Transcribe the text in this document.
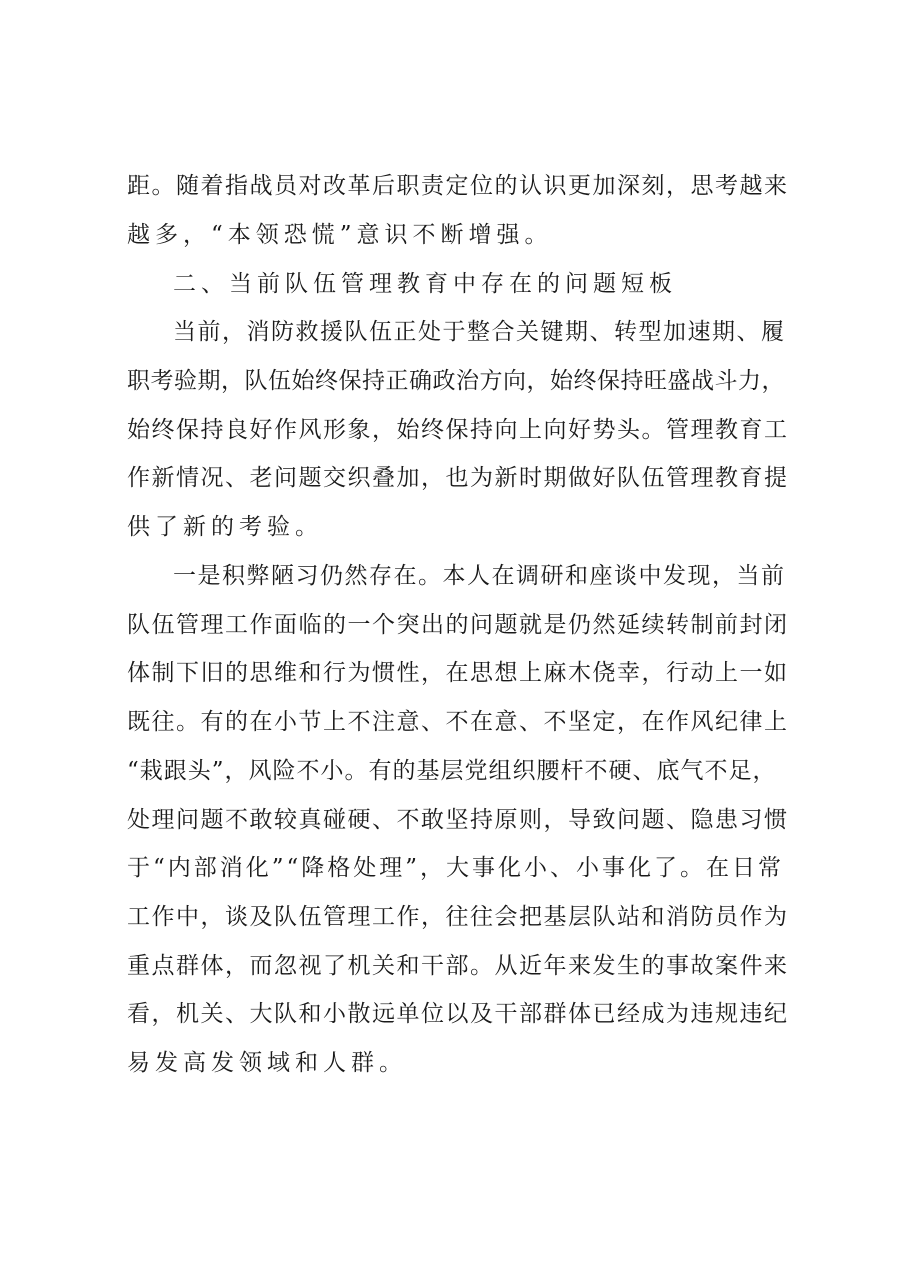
距。随着指战员对改革后职责定位的认识更加深刻，思考越来
越多，“本领恐慌”意识不断增强。
二、当前队伍管理教育中存在的问题短板
当前，消防救援队伍正处于整合关键期、转型加速期、履
职考验期，队伍始终保持正确政治方向，始终保持旺盛战斗力，
始终保持良好作风形象，始终保持向上向好势头。管理教育工
作新情况、老问题交织叠加，也为新时期做好队伍管理教育提
供了新的考验。
一是积弊陋习仍然存在。本人在调研和座谈中发现，当前
队伍管理工作面临的一个突出的问题就是仍然延续转制前封闭
体制下旧的思维和行为惯性，在思想上麻木侥幸，行动上一如
既往。有的在小节上不注意、不在意、不坚定，在作风纪律上
“栽跟头”，风险不小。有的基层党组织腰杆不硬、底气不足，
处理问题不敢较真碰硬、不敢坚持原则，导致问题、隐患习惯
于“内部消化”“降格处理”，大事化小、小事化了。在日常
工作中，谈及队伍管理工作，往往会把基层队站和消防员作为
重点群体，而忽视了机关和干部。从近年来发生的事故案件来
看，机关、大队和小散远单位以及干部群体已经成为违规违纪
易发高发领域和人群。
